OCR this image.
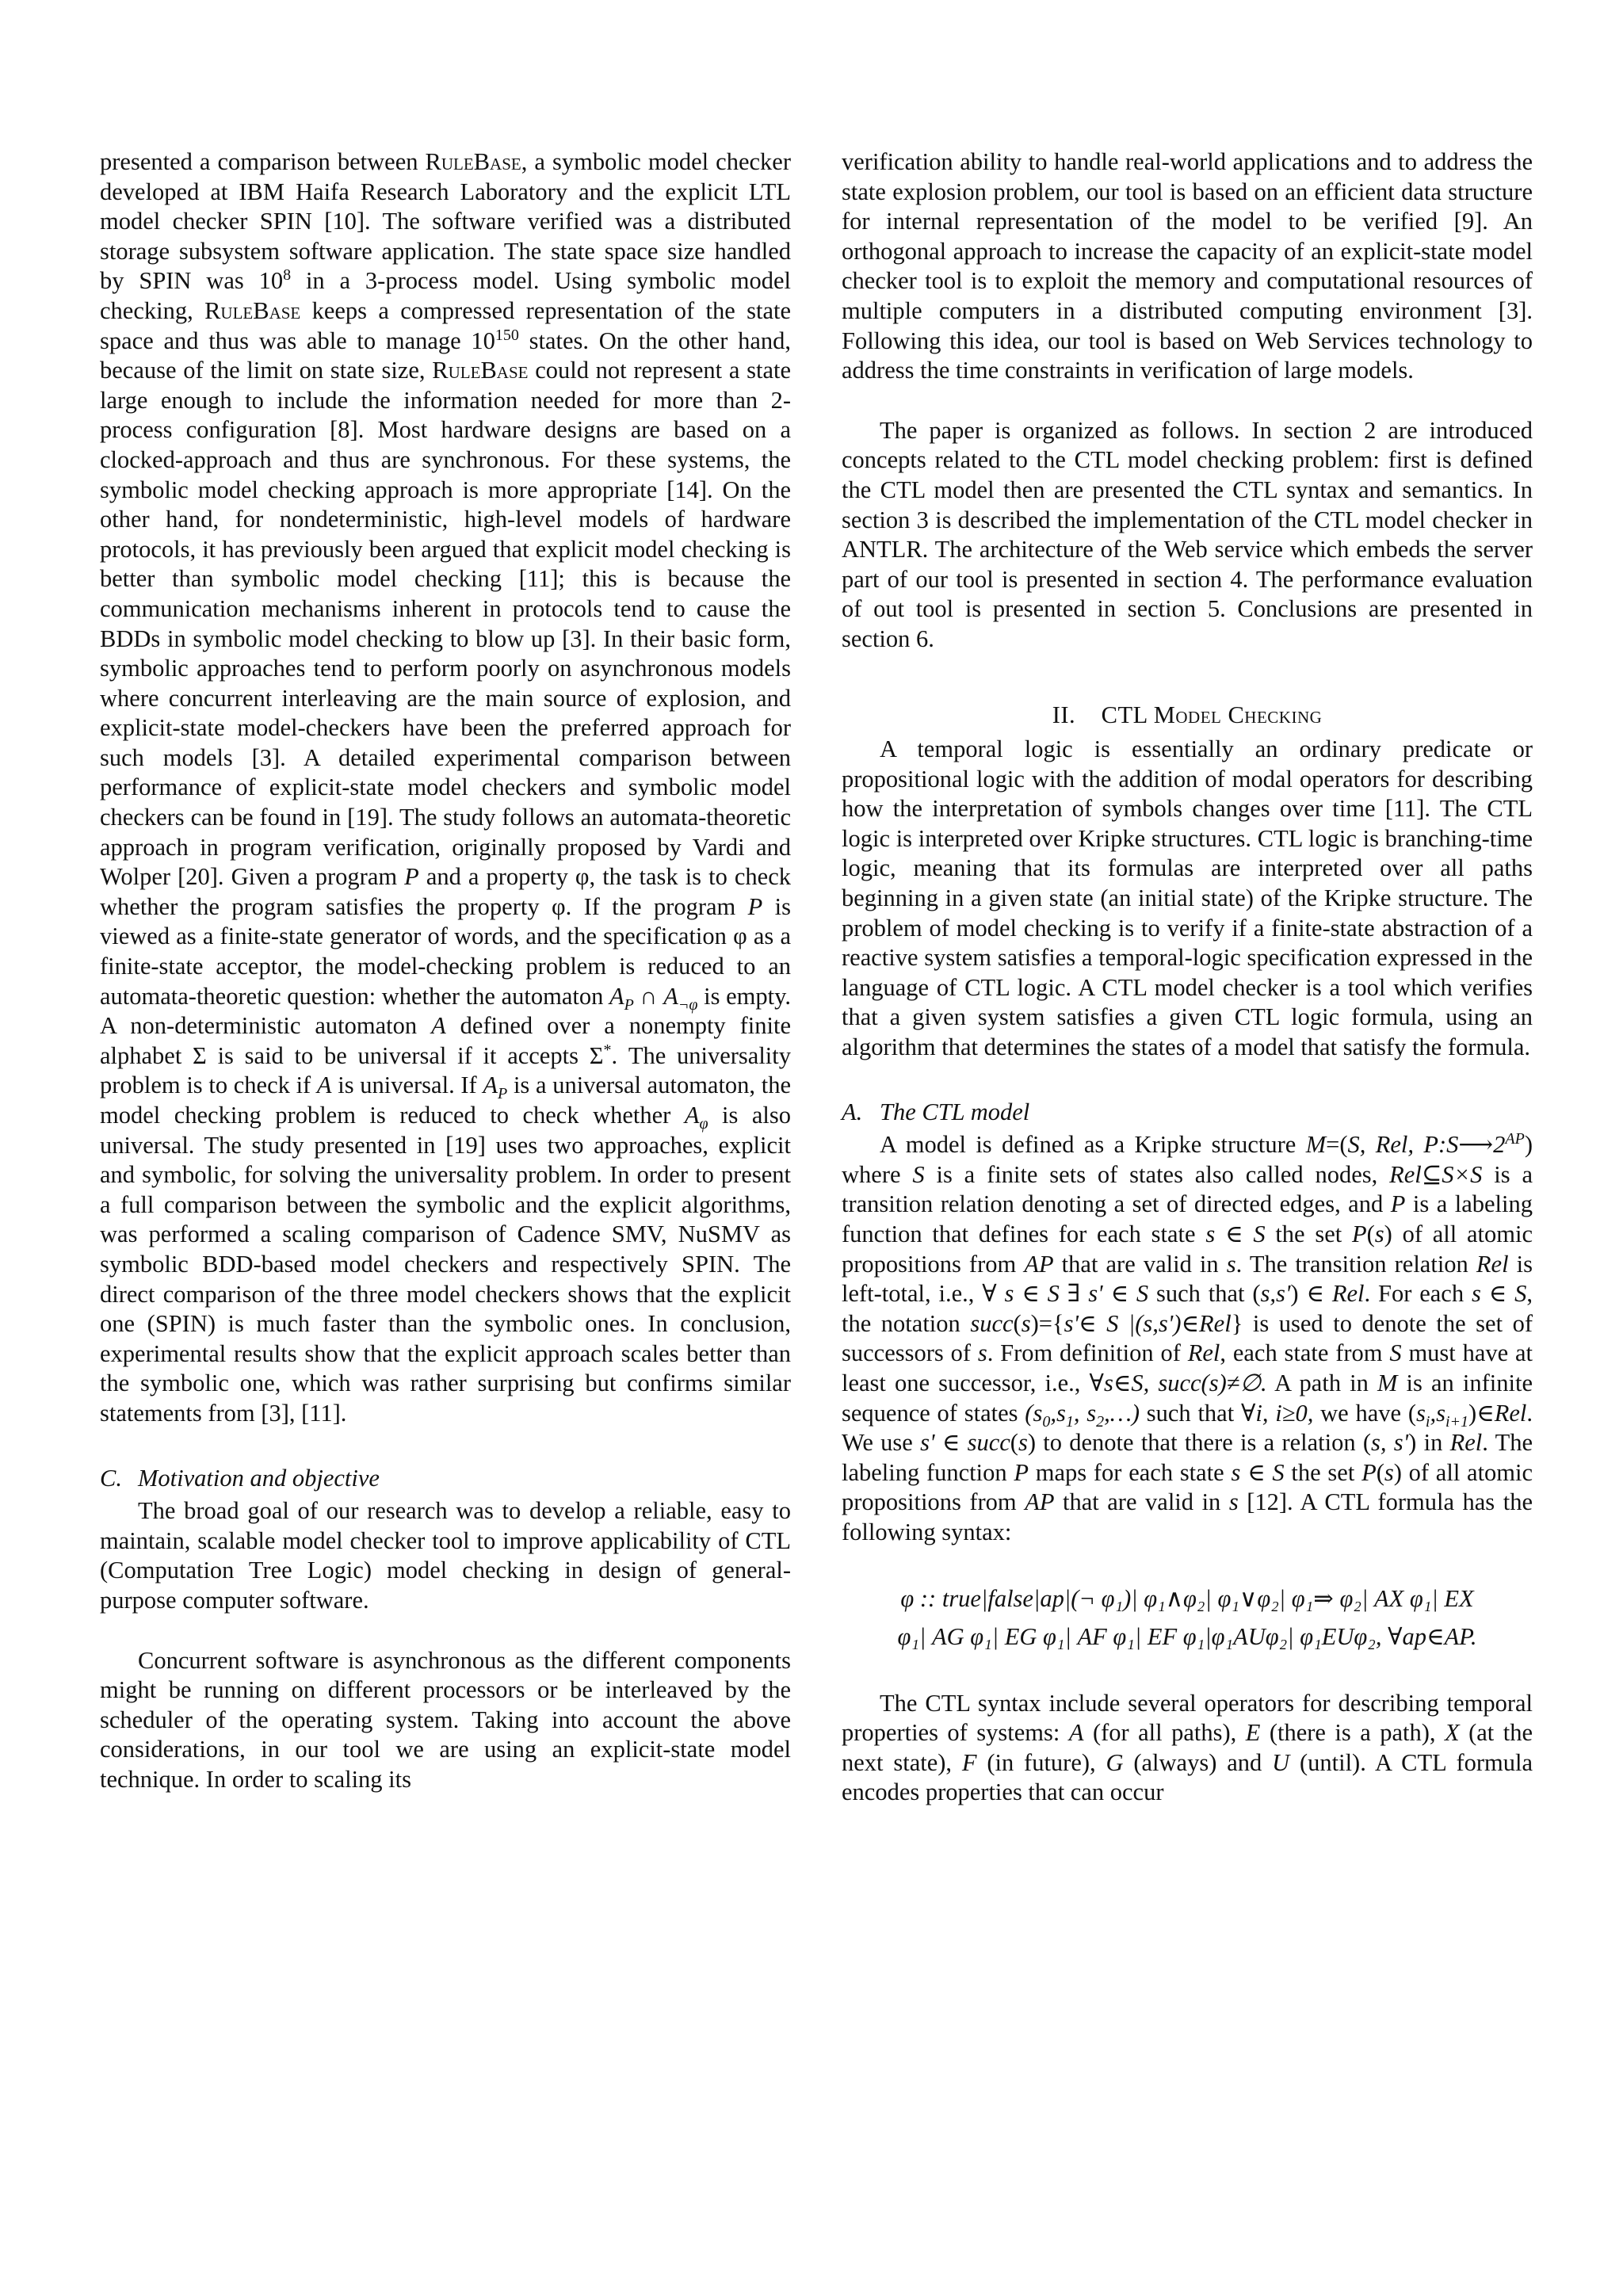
presented a comparison between RuleBase, a symbolic model checker developed at IBM Haifa Research Laboratory and the explicit LTL model checker SPIN [10]. The software verified was a distributed storage subsystem software application. The state space size handled by SPIN was $10^8$ in a 3-process model. Using symbolic model checking, RuleBase keeps a compressed representation of the state space and thus was able to manage $10^{150}$ states. On the other hand, because of the limit on state size, RuleBase could not represent a state large enough to include the information needed for more than 2-process configuration [8]. Most hardware designs are based on a clocked-approach and thus are synchronous. For these systems, the symbolic model checking approach is more appropriate [14]. On the other hand, for nondeterministic, high-level models of hardware protocols, it has previously been argued that explicit model checking is better than symbolic model checking [11]; this is because the communication mechanisms inherent in protocols tend to cause the BDDs in symbolic model checking to blow up [3]. In their basic form, symbolic approaches tend to perform poorly on asynchronous models where concurrent interleaving are the main source of explosion, and explicit-state model-checkers have been the preferred approach for such models [3]. A detailed experimental comparison between performance of explicit-state model checkers and symbolic model checkers can be found in [19]. The study follows an automata-theoretic approach in program verification, originally proposed by Vardi and Wolper [20]. Given a program P and a property φ, the task is to check whether the program satisfies the property φ. If the program P is viewed as a finite-state generator of words, and the specification φ as a finite-state acceptor, the model-checking problem is reduced to an automata-theoretic question: whether the automaton $A_P$ ∩ $A_{\neg\varphi}$ is empty. A non-deterministic automaton A defined over a nonempty finite alphabet Σ is said to be universal if it accepts Σ*. The universality problem is to check if A is universal. If $A_P$ is a universal automaton, the model checking problem is reduced to check whether $A_\varphi$ is also universal. The study presented in [19] uses two approaches, explicit and symbolic, for solving the universality problem. In order to present a full comparison between the symbolic and the explicit algorithms, was performed a scaling comparison of Cadence SMV, NuSMV as symbolic BDD-based model checkers and respectively SPIN. The direct comparison of the three model checkers shows that the explicit one (SPIN) is much faster than the symbolic ones. In conclusion, experimental results show that the explicit approach scales better than the symbolic one, which was rather surprising but confirms similar statements from [3], [11].

C. Motivation and objective

The broad goal of our research was to develop a reliable, easy to maintain, scalable model checker tool to improve applicability of CTL (Computation Tree Logic) model checking in design of general-purpose computer software.

Concurrent software is asynchronous as the different components might be running on different processors or be interleaved by the scheduler of the operating system. Taking into account the above considerations, in our tool we are using an explicit-state model technique. In order to scaling its

verification ability to handle real-world applications and to address the state explosion problem, our tool is based on an efficient data structure for internal representation of the model to be verified [9]. An orthogonal approach to increase the capacity of an explicit-state model checker tool is to exploit the memory and computational resources of multiple computers in a distributed computing environment [3]. Following this idea, our tool is based on Web Services technology to address the time constraints in verification of large models.

The paper is organized as follows. In section 2 are introduced concepts related to the CTL model checking problem: first is defined the CTL model then are presented the CTL syntax and semantics. In section 3 is described the implementation of the CTL model checker in ANTLR. The architecture of the Web service which embeds the server part of our tool is presented in section 4. The performance evaluation of out tool is presented in section 5. Conclusions are presented in section 6.

II. CTL Model Checking

A temporal logic is essentially an ordinary predicate or propositional logic with the addition of modal operators for describing how the interpretation of symbols changes over time [11]. The CTL logic is interpreted over Kripke structures. CTL logic is branching-time logic, meaning that its formulas are interpreted over all paths beginning in a given state (an initial state) of the Kripke structure. The problem of model checking is to verify if a finite-state abstraction of a reactive system satisfies a temporal-logic specification expressed in the language of CTL logic. A CTL model checker is a tool which verifies that a given system satisfies a given CTL logic formula, using an algorithm that determines the states of a model that satisfy the formula.

A. The CTL model

A model is defined as a Kripke structure M=(S, Rel, $P:S⟶2^{AP}$) where S is a finite sets of states also called nodes, Rel⊆S×S is a transition relation denoting a set of directed edges, and P is a labeling function that defines for each state s ∈ S the set P(s) of all atomic propositions from AP that are valid in s. The transition relation Rel is left-total, i.e., ∀ s ∈ S ∃ s' ∈ S such that (s,s') ∈ Rel. For each s ∈ S, the notation succ(s)={s'∈ S |(s,s')∈Rel} is used to denote the set of successors of s. From definition of Rel, each state from S must have at least one successor, i.e., ∀s∈S, succ(s)≠∅. A path in M is an infinite sequence of states ($s_0,s_1$, $s_2,\dots$) such that ∀i, i≥0, we have $(s_i,s_{i+1})\in Rel$. We use s' ∈ succ(s) to denote that there is a relation (s, s') in Rel. The labeling function P maps for each state s ∈ S the set P(s) of all atomic propositions from AP that are valid in s [12]. A CTL formula has the following syntax:

φ :: true|false|ap|(¬ φ₁)| φ₁∧φ₂| φ₁∨φ₂| φ₁⇒ φ₂| AX φ₁| EX
φ₁| AG φ₁| EG φ₁| AF φ₁| EF φ₁|φ₁AUφ₂| φ₁EUφ₂, ∀ap∈AP.

The CTL syntax include several operators for describing temporal properties of systems: A (for all paths), E (there is a path), X (at the next state), F (in future), G (always) and U (until). A CTL formula encodes properties that can occur
